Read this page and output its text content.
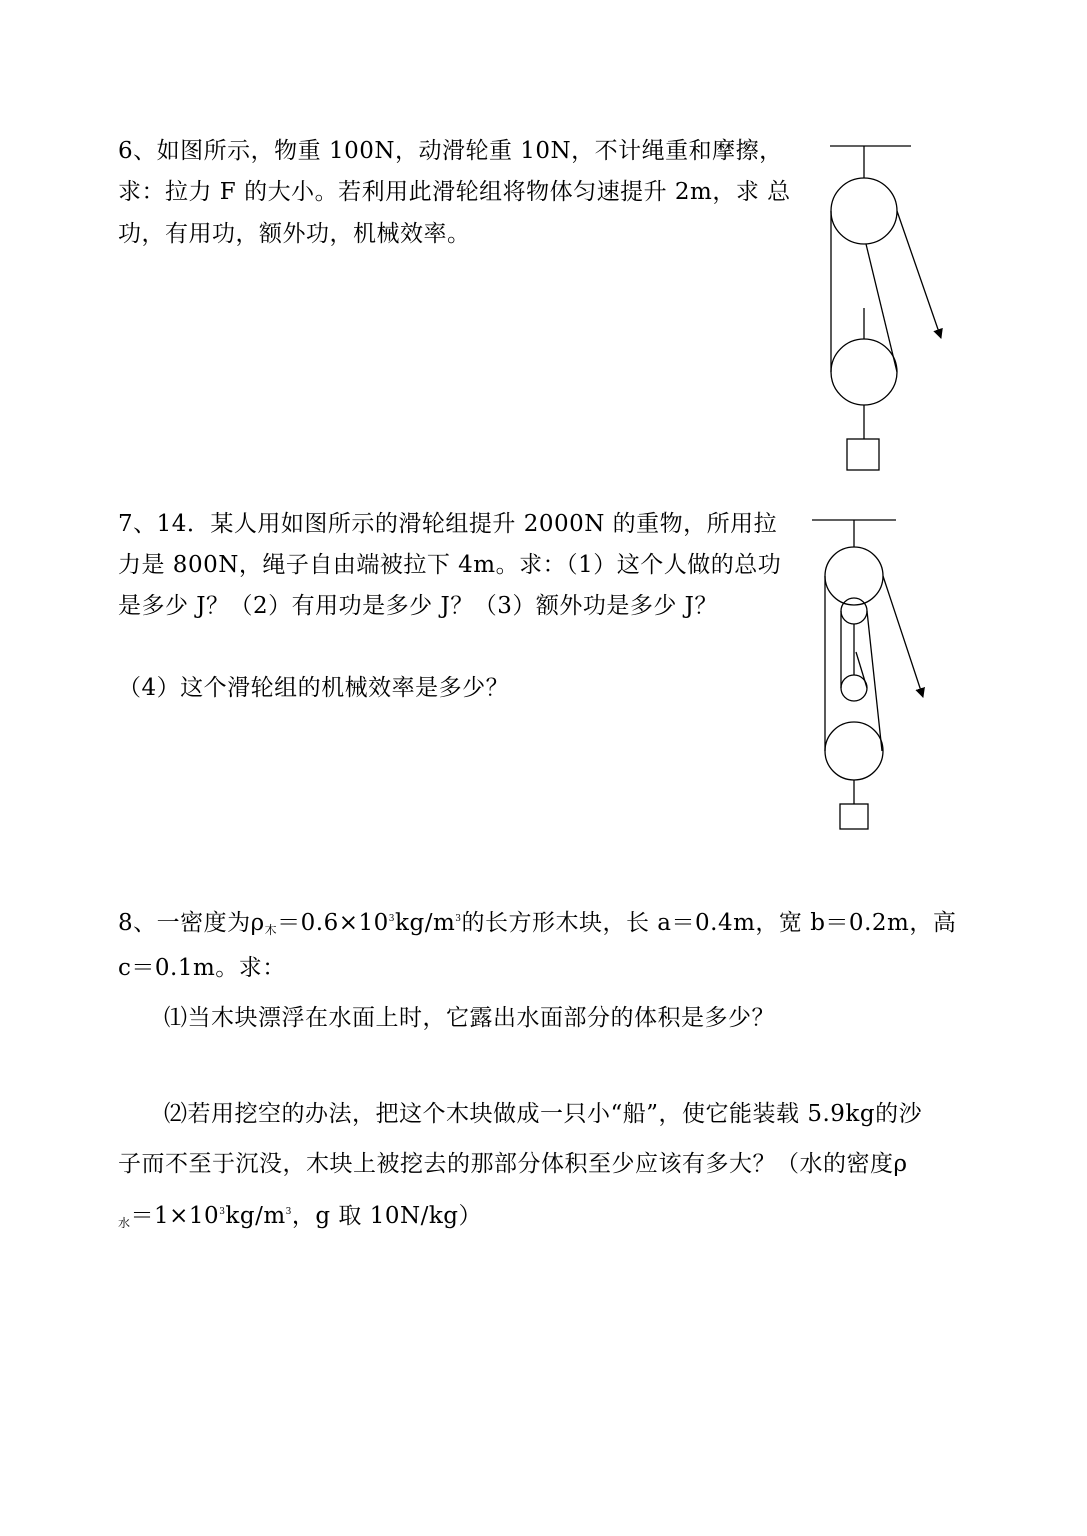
6、如图所示，物重 100N，动滑轮重 10N，不计绳重和摩擦，
求：拉力 F 的大小。若利用此滑轮组将物体匀速提升 2m，求 总
功，有用功，额外功，机械效率。
7、14．某人用如图所示的滑轮组提升 2000N 的重物，所用拉
力是 800N，绳子自由端被拉下 4m。求：（1）这个人做的总功
是多少 J？（2）有用功是多少 J？（3）额外功是多少 J？
（4）这个滑轮组的机械效率是多少？
8、一密度为$\rho_木=0.6\times 10^3kg/m^3$的长方形木块，长 a＝0.4m，宽 b＝0.2m，高
c＝0.1m。求：
⑴当木块漂浮在水面上时，它露出水面部分的体积是多少？
⑵若用挖空的办法，把这个木块做成一只小“船”，使它能装载 5.9kg的沙
子而不至于沉没，木块上被挖去的那部分体积至少应该有多大？（水的密度ρ
$_水=1\times 10^3kg/m^3$，g 取 10N/kg）
